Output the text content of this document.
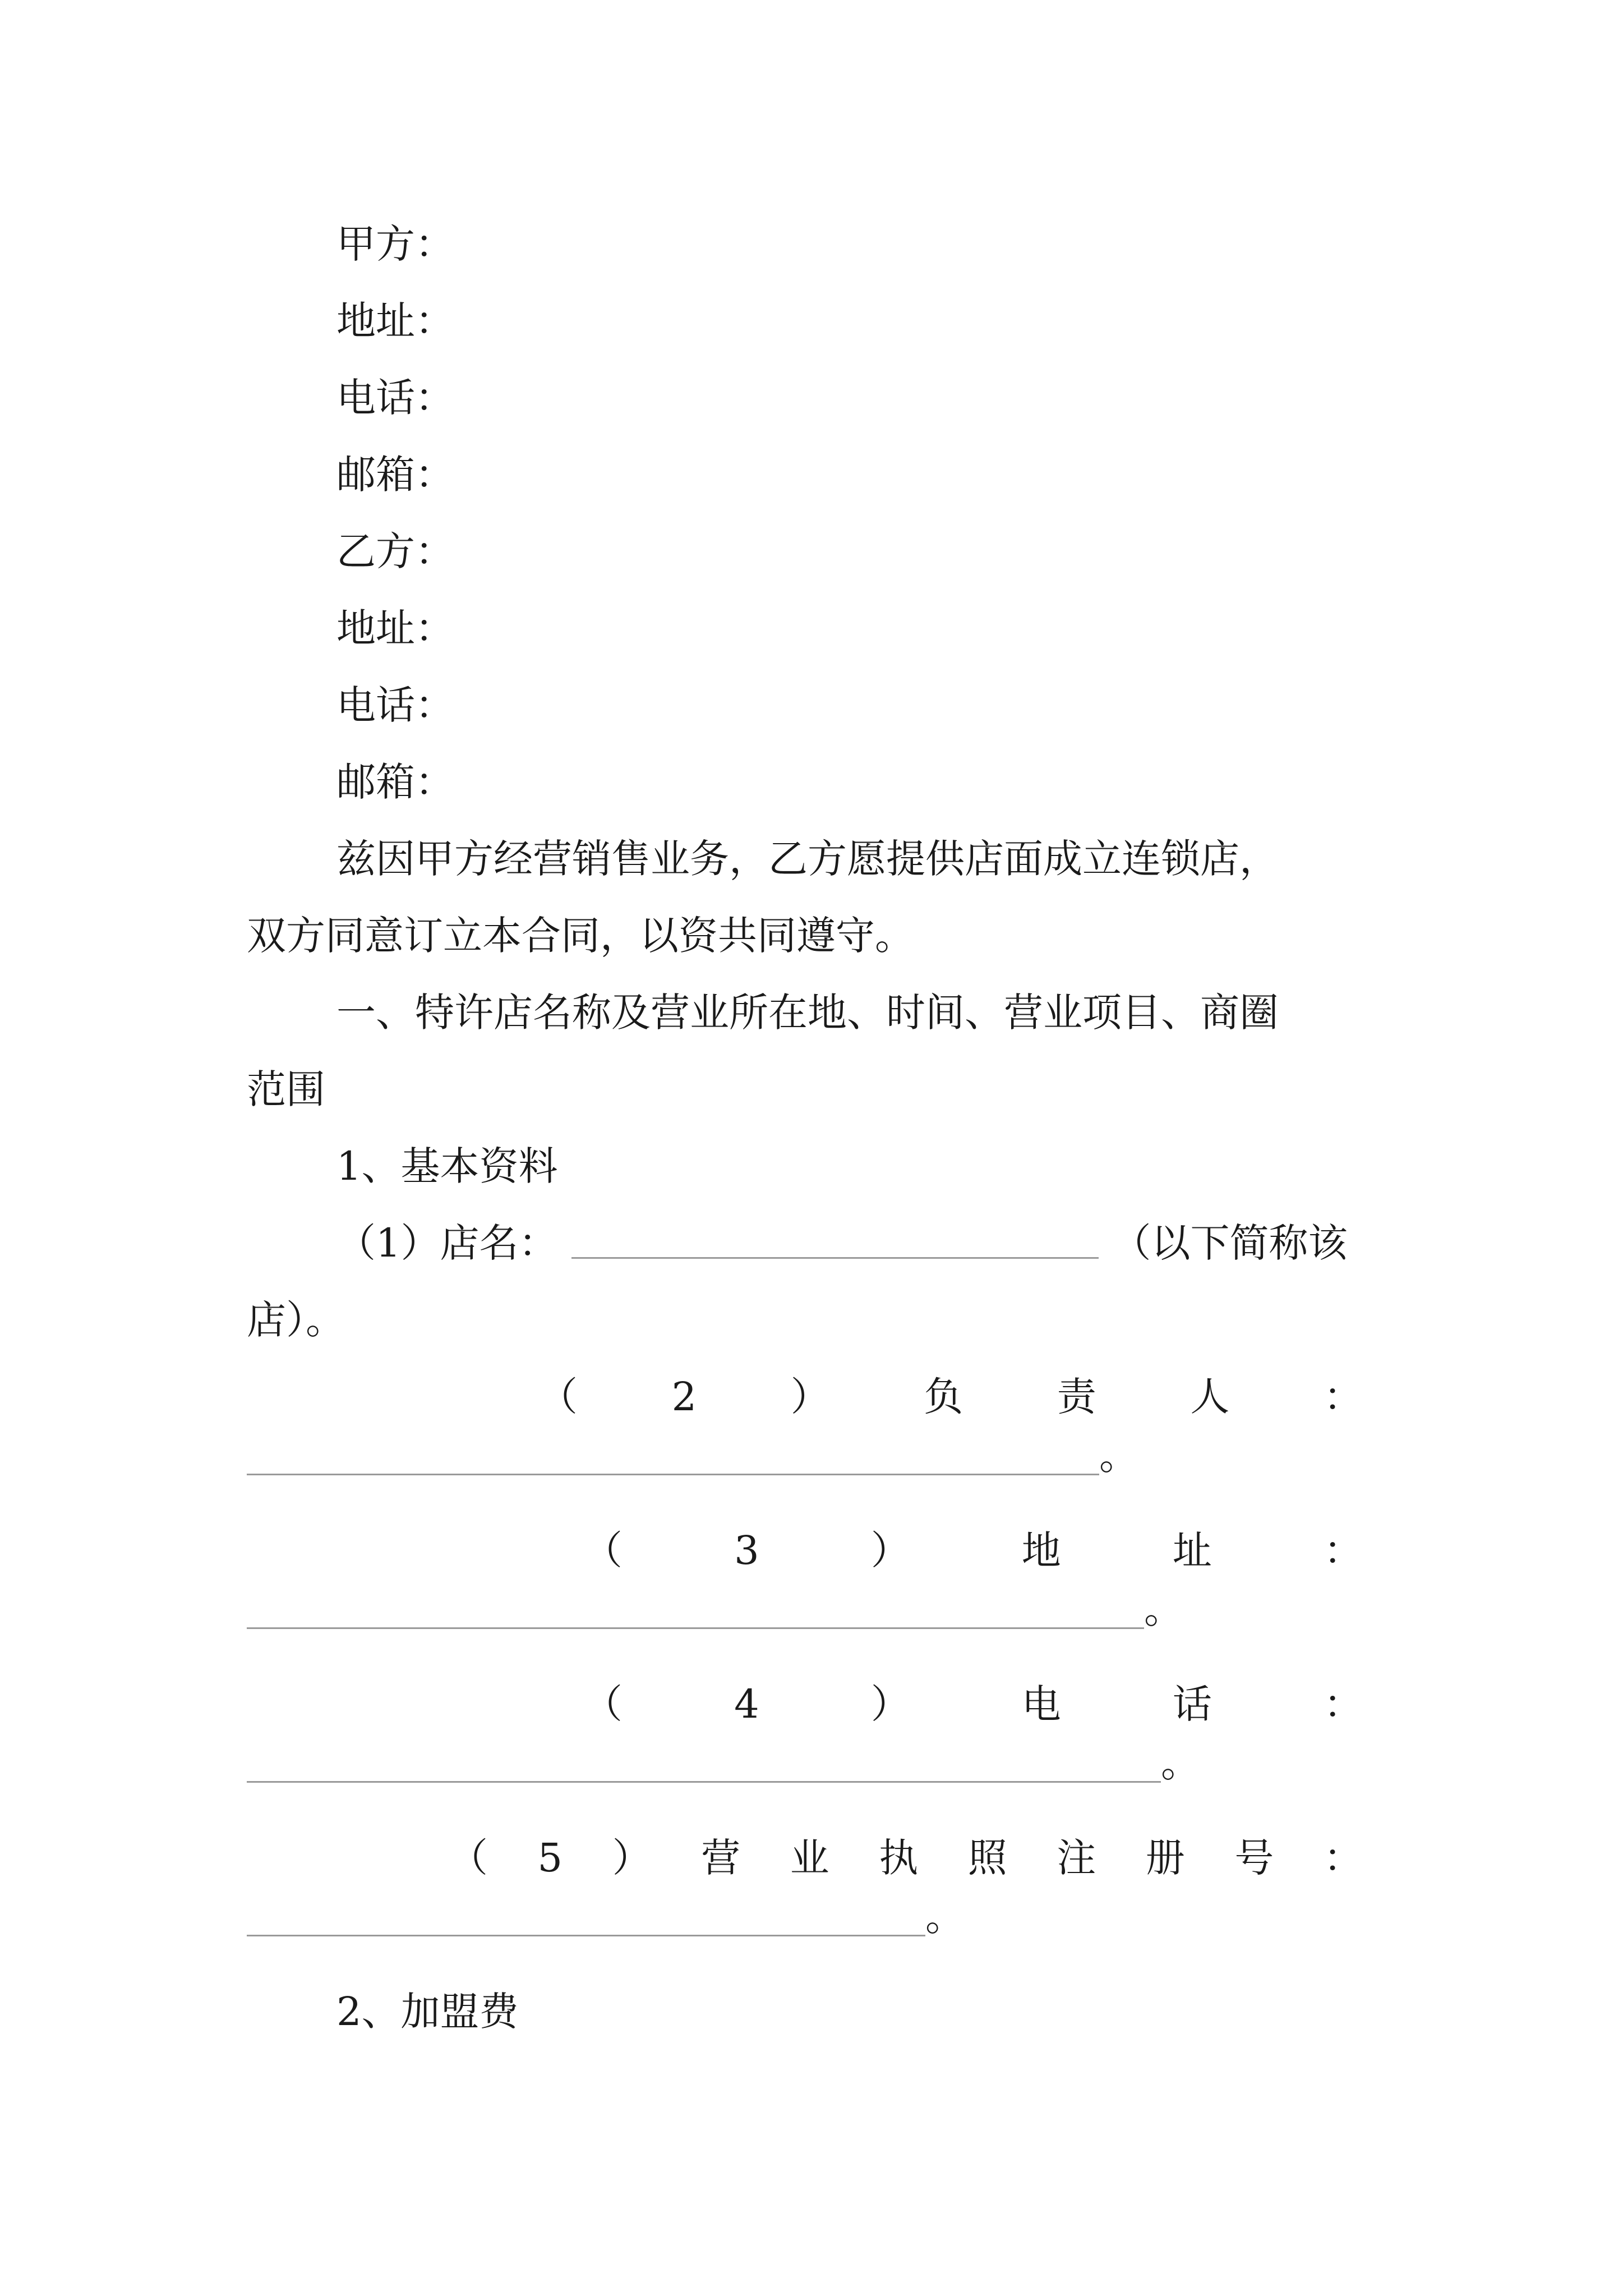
甲方：
地址：
电话：
邮箱：
乙方：
地址：
电话：
邮箱：
兹因甲方经营销售业务，乙方愿提供店面成立连锁店，
双方同意订立本合同，以资共同遵守。
一、特许店名称及营业所在地、时间、营业项目、商圈
范围
1、基本资料
（1）店名：	（以下简称该
店）。
（ 2 ） 负 责 人 ：
。
（	3	）	地	址	：
。
（	4	）	电	话	：
。
（ 5 ） 营 业 执 照 注 册 号 ：
。
2、加盟费
